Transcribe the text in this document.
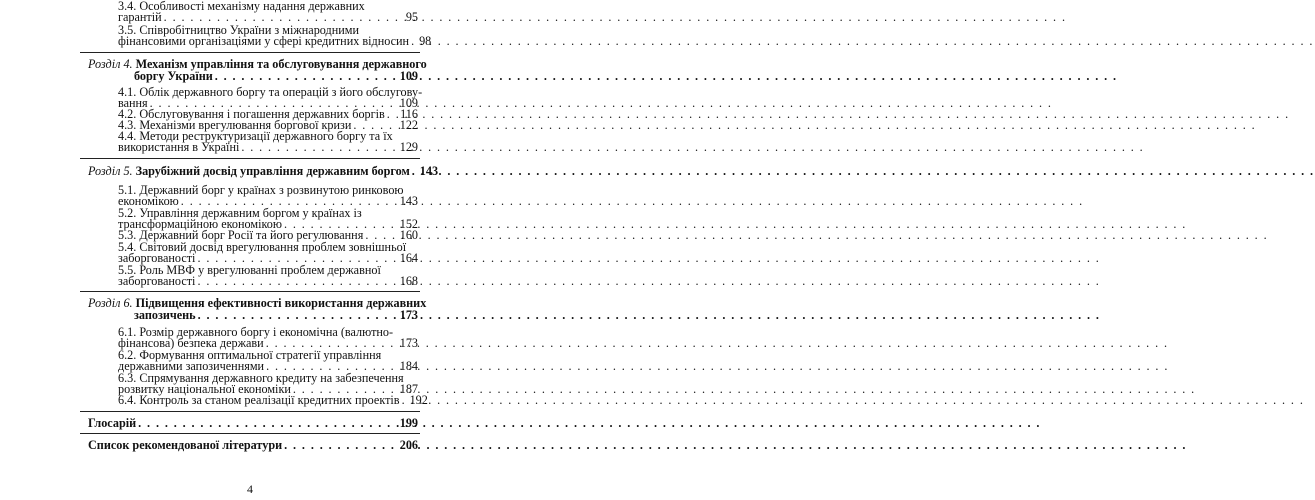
3.4. Особливості механізму надання державних
гарантій . . .	95
3.5. Співробітництво України з міжнародними
фінансовими організаціями у сфері кредитних відносин . . . 98
Розділ 4. Механізм управління та обслуговування державного
боргу України . . .	109
4.1. Облік державного боргу та операцій з його обслугову-
вання . . .	109
4.2. Обслуговування і погашення державних боргів . . . 116
4.3. Механізми врегулювання боргової кризи . . .	122
4.4. Методи реструктуризації державного боргу та їх
використання в Україні . . .	129
Розділ 5. Зарубіжний досвід управління державним боргом . . . 143
5.1. Державний борг у країнах з розвинутою ринковою
економікою . . .	143
5.2. Управління державним боргом у країнах із
трансформаційною економікою . . .	152
5.3. Державний борг Росії та його регулювання . . .	160
5.4. Світовий досвід врегулювання проблем зовнішньої
заборгованості . . .	164
5.5. Роль МВФ у врегулюванні проблем державної
заборгованості . . .	168
Розділ 6. Підвищення ефективності використання державних
запозичень . . .	173
6.1. Розмір державного боргу і економічна (валютно-
фінансова) безпека держави . . .	173
6.2. Формування оптимальної стратегії управління
державними запозиченнями . . .	184
6.3. Спрямування державного кредиту на забезпечення
розвитку національної економіки . . .	187
6.4. Контроль за станом реалізації кредитних проектів . . . 192
Глосарій . . .	199
Список рекомендованої літератури . . .	206
4
